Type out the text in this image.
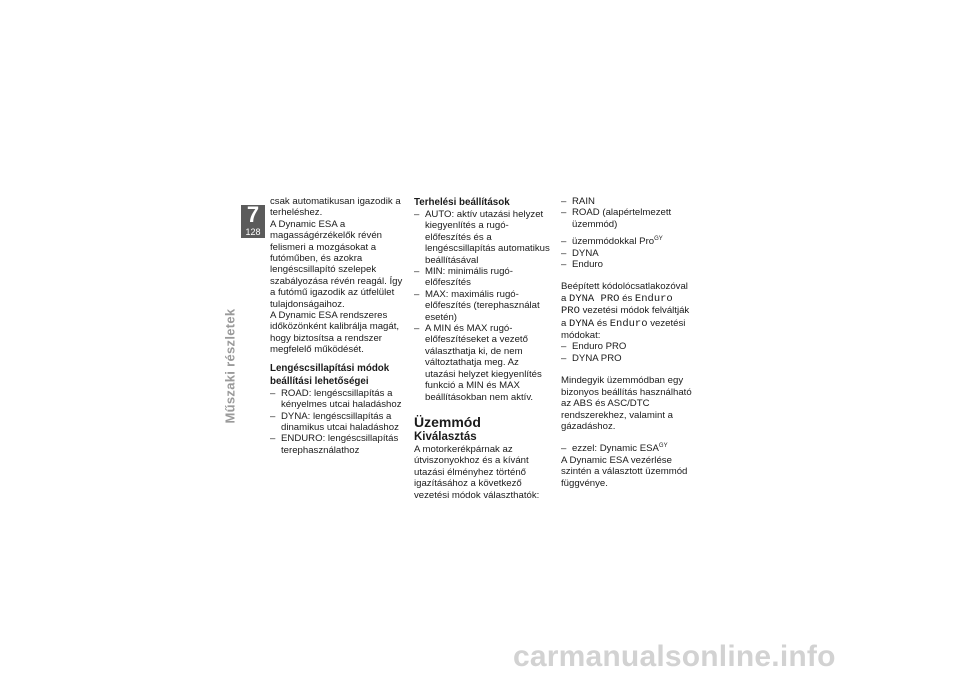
7
128
Műszaki részletek

csak automatikusan igazodik a terheléshez.

A Dynamic ESA a magasságérzékelők révén felismeri a mozgásokat a futóműben, és azokra lengéscsillapító szelepek szabályozása révén reagál. Így a futómű igazodik az útfelület tulajdonságaihoz.

A Dynamic ESA rendszeres időközönként kalibrálja magát, hogy biztosítsa a rendszer megfelelő működését.

Lengéscsillapítási módok beállítási lehetőségei
– ROAD: lengéscsillapítás a kényelmes utcai haladáshoz
– DYNA: lengéscsillapítás a dinamikus utcai haladáshoz
– ENDURO: lengéscsillapítás terephasználathoz
Terhelési beállítások
– AUTO: aktív utazási helyzet kiegyenlítés a rugó-előfeszítés és a lengéscsillapítás automatikus beállításával
– MIN: minimális rugó-előfeszítés
– MAX: maximális rugó-előfeszítés (terephasználat esetén)
– A MIN és MAX rugó-előfeszítéseket a vezető választhatja ki, de nem változtathatja meg. Az utazási helyzet kiegyenlítés funkció a MIN és MAX beállításokban nem aktív.
Üzemmód
Kiválasztás

A motorkerékpárnak az útviszonyokhoz és a kívánt utazási élményhez történő igazításához a következő vezetési módok választhatók:

– RAIN
– ROAD (alapértelmezett üzemmód)
– üzemmódokkal Pro$^{GY}$
– DYNA
– Enduro

Beépített kódolócsatlakozóval
a DYNA PRO és Enduro PRO vezetési módok felváltják a DYNA és Enduro vezetési módokat:

– Enduro PRO
– DYNA PRO

Mindegyik üzemmódban egy bizonyos beállítás használható az ABS és ASC/DTC rendszerekhez, valamint a gázadáshoz.

– ezzel: Dynamic $ESA^{GY}$

A Dynamic ESA vezérlése szintén a választott üzemmód függvénye.

carmanualsonline.info
